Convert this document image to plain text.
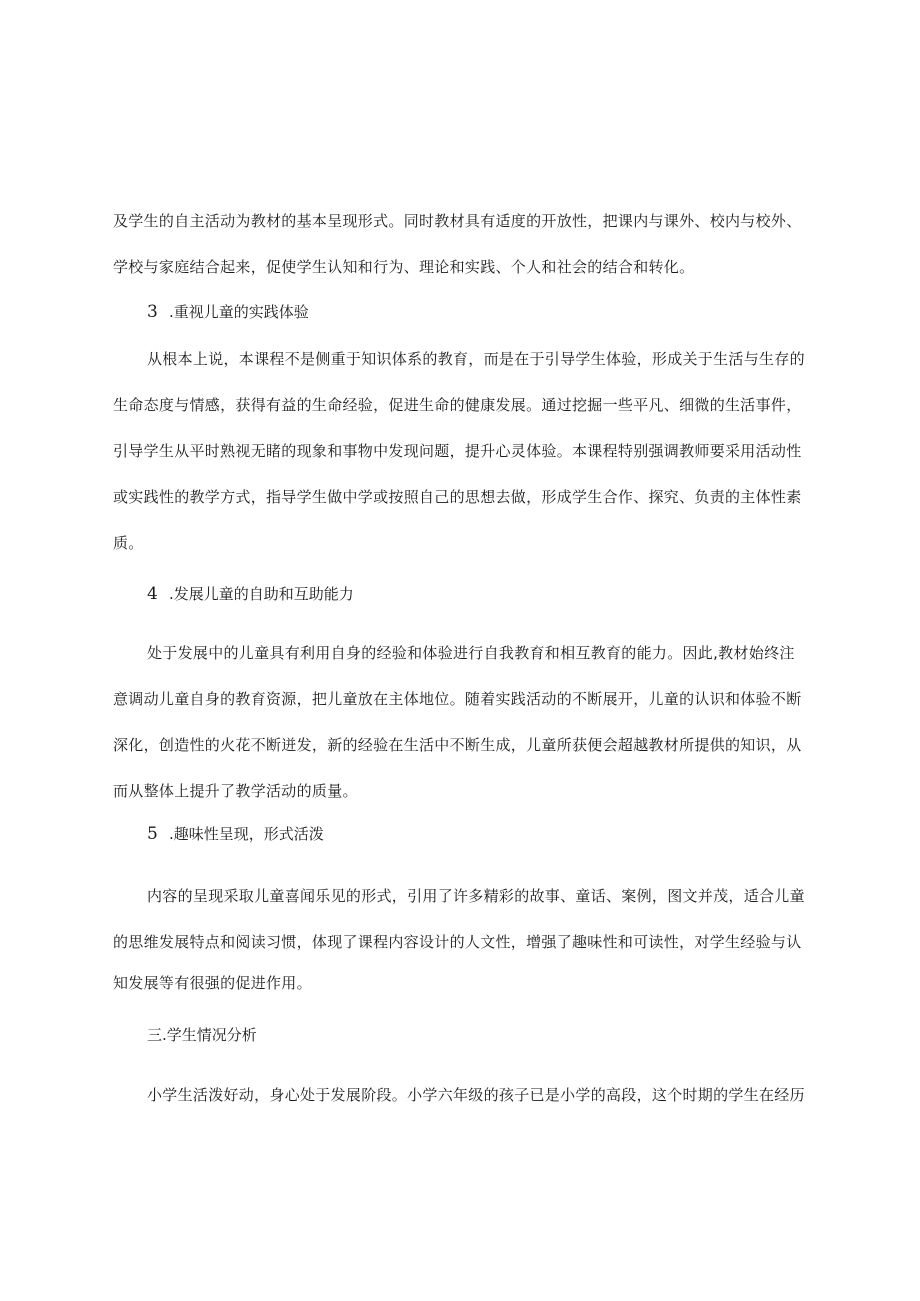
及学生的自主活动为教材的基本呈现形式。同时教材具有适度的开放性，把课内与课外、校内与校外、
学校与家庭结合起来，促使学生认知和行为、理论和实践、个人和社会的结合和转化。
3 .重视儿童的实践体验
从根本上说，本课程不是侧重于知识体系的教育，而是在于引导学生体验，形成关于生活与生存的
生命态度与情感，获得有益的生命经验，促进生命的健康发展。通过挖掘一些平凡、细微的生活事件，
引导学生从平时熟视无睹的现象和事物中发现问题，提升心灵体验。本课程特别强调教师要采用活动性
或实践性的教学方式，指导学生做中学或按照自己的思想去做，形成学生合作、探究、负责的主体性素
质。
4 .发展儿童的自助和互助能力
处于发展中的儿童具有利用自身的经验和体验进行自我教育和相互教育的能力。因此,教材始终注
意调动儿童自身的教育资源，把儿童放在主体地位。随着实践活动的不断展开，儿童的认识和体验不断
深化，创造性的火花不断迸发，新的经验在生活中不断生成，儿童所获便会超越教材所提供的知识，从
而从整体上提升了教学活动的质量。
5 .趣味性呈现，形式活泼
内容的呈现采取儿童喜闻乐见的形式，引用了许多精彩的故事、童话、案例，图文并茂，适合儿童
的思维发展特点和阅读习惯，体现了课程内容设计的人文性，增强了趣味性和可读性，对学生经验与认
知发展等有很强的促进作用。
三.学生情况分析
小学生活泼好动，身心处于发展阶段。小学六年级的孩子已是小学的高段，这个时期的学生在经历
